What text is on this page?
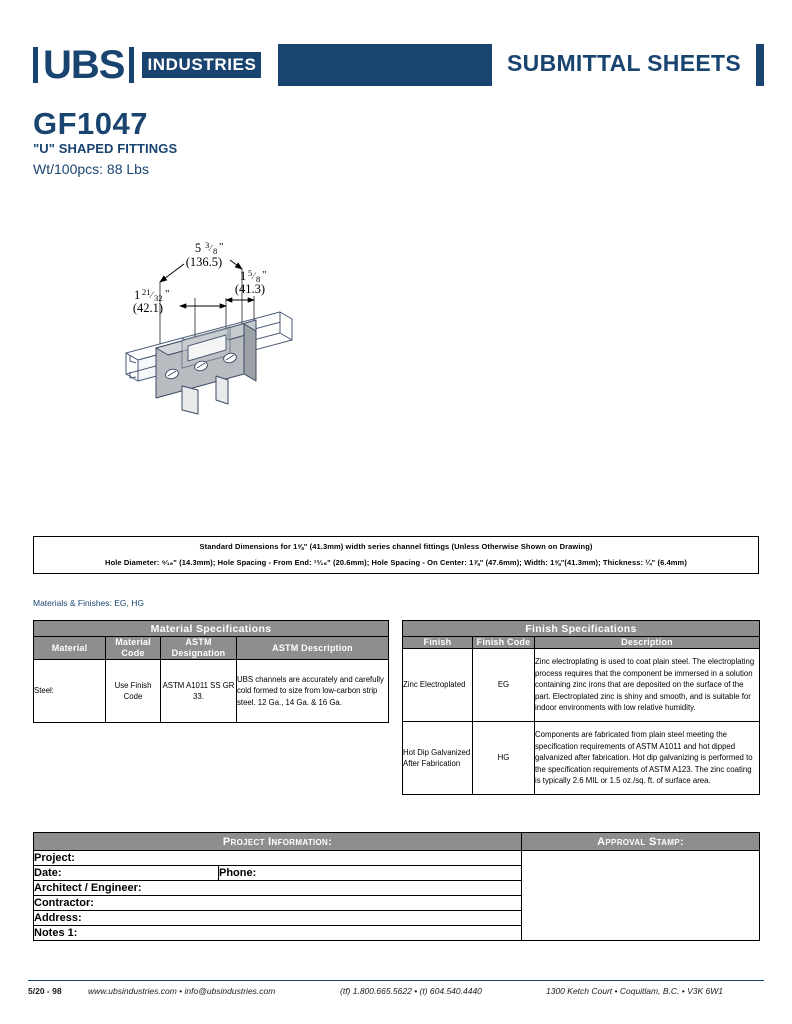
UBS	INDUSTRIES	SUBMITTAL SHEETS
GF1047
"U" SHAPED FITTINGS
Wt/100pcs: 88 Lbs
5 3 ⁄ 8 "
(136.5)
1 5 ⁄ 8 "
(41.3)
1 21 ⁄ 32 "
(42.1)
Standard Dimensions for 1⅝" (41.3mm) width series channel fittings (Unless Otherwise Shown on Drawing)
Hole Diameter: ⁹⁄₁₆" (14.3mm); Hole Spacing - From End: ¹³⁄₁₆" (20.6mm); Hole Spacing - On Center: 1⅞" (47.6mm); Width: 1⅝"(41.3mm); Thickness: ¼" (6.4mm)
Materials & Finishes: EG, HG
Material Specifications			
Material	Material Code	ASTM Designation	ASTM Description
Steel:	Use Finish Code	ASTM A1011 SS GR 33.	UBS channels are accurately and carefully cold formed to size from low-carbon strip steel. 12 Ga., 14 Ga. & 16 Ga.
Finish Specifications		
Finish	Finish Code	Description
Zinc Electroplated	EG	Zinc electroplating is used to coat plain steel. The electroplating process requires that the component be immersed in a solution containing zinc irons that are deposited on the surface of the part. Electroplated zinc is shiny and smooth, and is suitable for indoor environments with low relative humidity.
Hot Dip Galvanized After Fabrication	HG	Components are fabricated from plain steel meeting the specification requirements of ASTM A1011 and hot dipped galvanized after fabrication. Hot dip galvanizing is performed to the specification requirements of ASTM A123. The zinc coating is typically 2.6 MIL or 1.5 oz./sq. ft. of surface area.
Project Information:		Approval Stamp:
Project:		
Date:	Phone:	
Architect / Engineer:		
Contractor:		
Address:		
Notes 1:		
5/20 - 98	www.ubsindustries.com • info@ubsindustries.com	(tf) 1.800.665.5622 • (t) 604.540.4440	1300 Ketch Court • Coquitlam, B.C. • V3K 6W1
